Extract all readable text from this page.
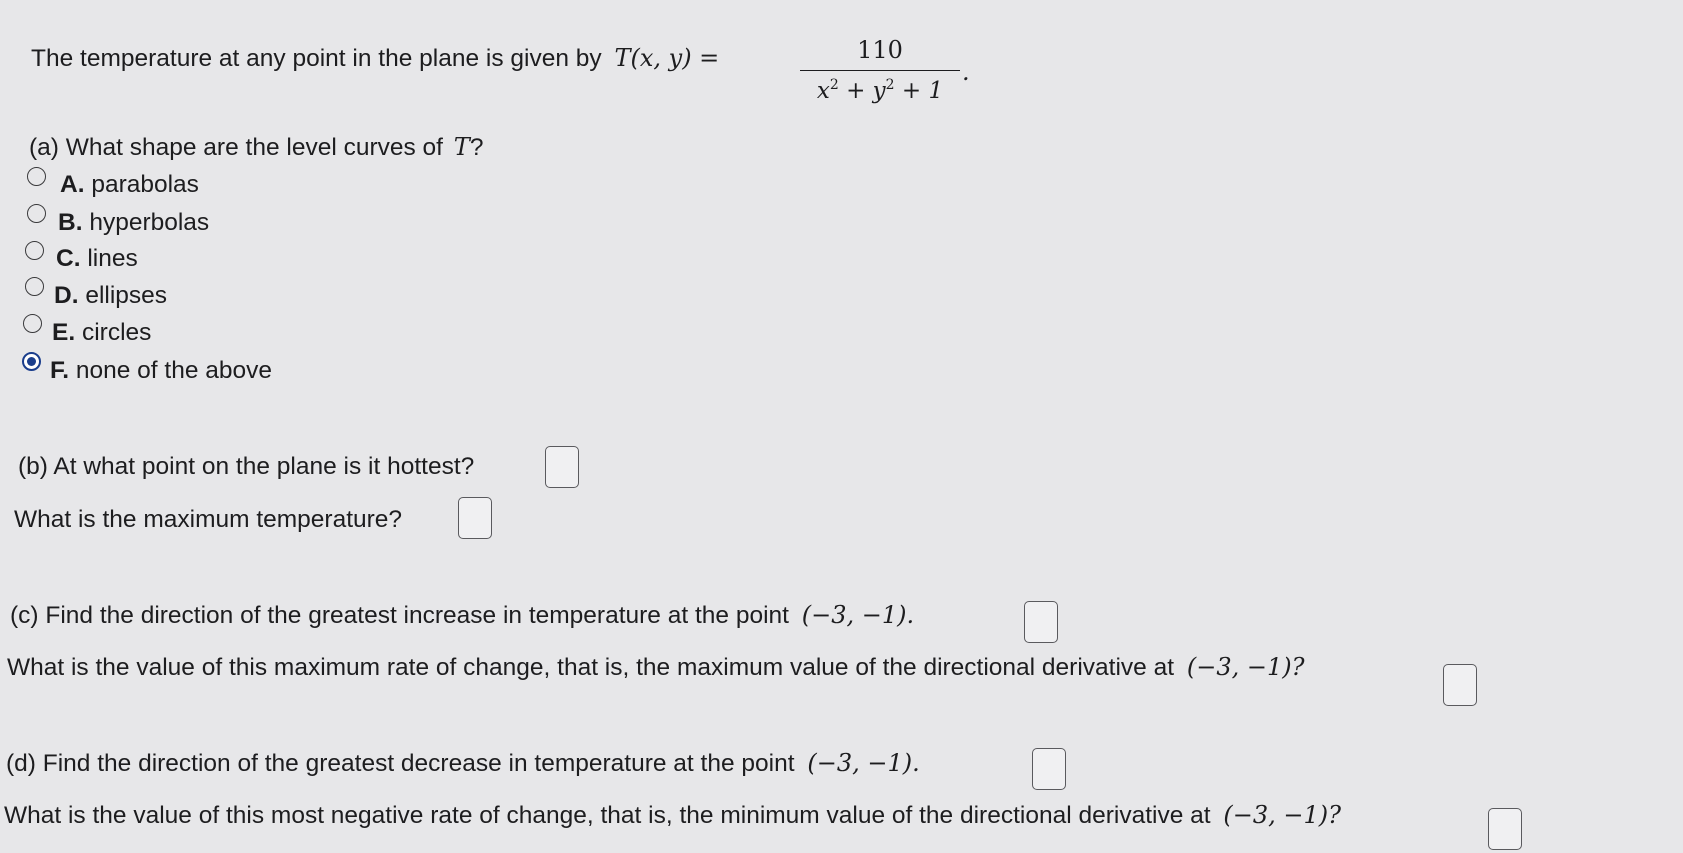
The temperature at any point in the plane is given by T(x, y) =	110
$x^2 + y^2 + 1$
.
(a) What shape are the level curves of T?
A. parabolas
B. hyperbolas
C. lines
D. ellipses
E. circles
F. none of the above
(b) At what point on the plane is it hottest?
What is the maximum temperature?
(c) Find the direction of the greatest increase in temperature at the point (−3, −1).
What is the value of this maximum rate of change, that is, the maximum value of the directional derivative at (−3, −1)?
(d) Find the direction of the greatest decrease in temperature at the point (−3, −1).
What is the value of this most negative rate of change, that is, the minimum value of the directional derivative at (−3, −1)?
